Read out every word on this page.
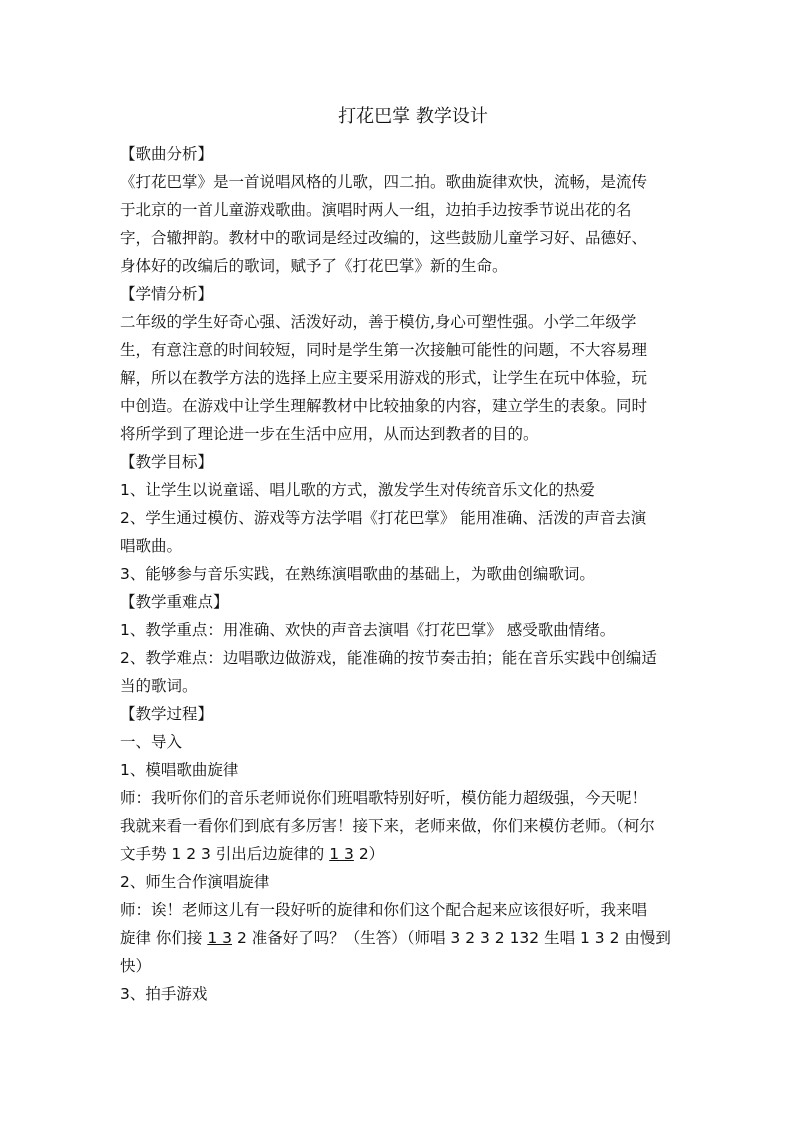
打花巴掌 教学设计

【歌曲分析】

《打花巴掌》是一首说唱风格的儿歌，四二拍。歌曲旋律欢快，流畅，是流传

于北京的一首儿童游戏歌曲。演唱时两人一组，边拍手边按季节说出花的名

字，合辙押韵。教材中的歌词是经过改编的，这些鼓励儿童学习好、品德好、

身体好的改编后的歌词，赋予了《打花巴掌》新的生命。

【学情分析】

二年级的学生好奇心强、活泼好动，善于模仿,身心可塑性强。小学二年级学

生，有意注意的时间较短，同时是学生第一次接触可能性的问题，不大容易理

解，所以在教学方法的选择上应主要采用游戏的形式，让学生在玩中体验，玩

中创造。在游戏中让学生理解教材中比较抽象的内容，建立学生的表象。同时

将所学到了理论进一步在生活中应用，从而达到教者的目的。

【教学目标】

1、让学生以说童谣、唱儿歌的方式，激发学生对传统音乐文化的热爱

2、学生通过模仿、游戏等方法学唱《打花巴掌》 能用准确、活泼的声音去演

唱歌曲。

3、能够参与音乐实践，在熟练演唱歌曲的基础上，为歌曲创编歌词。

【教学重难点】

1、教学重点：用准确、欢快的声音去演唱《打花巴掌》 感受歌曲情绪。

2、教学难点：边唱歌边做游戏，能准确的按节奏击拍；能在音乐实践中创编适

当的歌词。

【教学过程】

一、导入

1、模唱歌曲旋律

师：我听你们的音乐老师说你们班唱歌特别好听，模仿能力超级强，今天呢！

我就来看一看你们到底有多厉害！接下来，老师来做，你们来模仿老师。（柯尔

文手势 1 2 3 引出后边旋律的 1 3 2）

2、师生合作演唱旋律

师：诶！老师这儿有一段好听的旋律和你们这个配合起来应该很好听，我来唱

旋律 你们接 1 3 2 准备好了吗？（生答）（师唱 3 2 3 2 132 生唱 1 3 2 由慢到

快）

3、拍手游戏
